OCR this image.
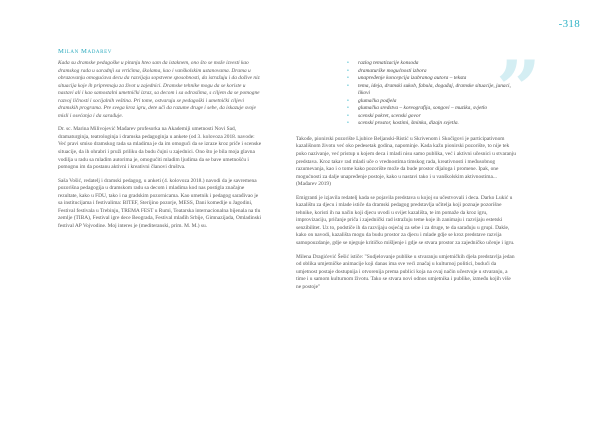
-318
Milan Madarev

Kada su dramske pedagoške u pitanju hteo sam da istaknem, ono što se može izvesti kao dramskog rada u saradnji sa vrtićima, školama, kao i vanškolskim ustanovama. Drama u obrazovanju omogućava decu da razvijaju sopstvene sposobnosti, da istražuju i da dožive niz situacija koje ih pripremaju za život u zajednici. Dramske tehnike mogu da se koriste u nastavi ali i kao samostalni umetnički izraz, sa decom i sa odraslima, s ciljem da se pomogne razvoj ličnosti i socijalnih veština. Pri tome, ostvaruju se pedagoški i umetnički ciljevi dramskih programa. Pre svega kroz igru, dete uči da razume druge i sebe, da iskazuje svoje misli i osećanja i da sarađuje.

Dr. sc. Marina Milivojević Mađarev profesorka na Akademiji umetnosti Novi Sad, dramaturginja, teatrologinja i dramska pedagoginja u ankete (od 3. kolovoza 2018. navode: Već pravi smiso dramskog rada sa mladima je da im omogući da se izraze kroz priče i scenske situacije, da ih ohrabri i pruži priliku da budu čujni u zajednici. Ono što je bila moja glavna vodilja u radu sa mladim autorima je, omogućiti mladim ljudima da se bave umetnošću i pomognu im da postanu aktivni i kreativni članovi društva.

Saša Vošić, redatelj i dramski pedagog, u anketi (4. kolovoza 2018.) navodi da je savremena pozorišna pedagogija u dramskom radu sa decom i mladima kod nas postigla značajne rezultate, kako u FDU, tako i na gradskim pozornicama. Kao umetnik i pedagog sarađivao je sa institucijama i festivalima: BITEF, Sterijino pozorje, MESS, Dani komedije u Jagodini, Festival festivala u Trebinju, TREMA FEST u Rumi, Teatarska internacionalna bijenala na tlu zemlje (TIBA), Festival igre dece Beograda, Festival mlađih Srbije, Gimnazijada, Omladinski festival AP Vojvodine. Moj interes je (mediteranski, prim. M. M.) su.

”
• razlog tematizacije konsoda
• dramaturške mogućnosti izbora
• unapređenje koncepcija izabranog autora – teksta
• tema, ideja, dramski sukob, fabula, događaj, dramske situacije, junaci, likovi
• glumačka podjela
• glumačka sredstva – koreografija, songovi – muzika, svjetlo
• scenski pokret, scenski govor
• scenski prostor, kostimi, šminka, dizajn svjetla.

Takođe, pionirski pozorište Ljubice Beljanski-Ristić u Skrivenom i Skočigovi je participativnom kazališnom životu već oko pedesetak godina, napominje. Kada kažu pionirski pozorište, to nije tek puko nazivanje, već pristup u kojem deca i mladi nisu samo publika, već i aktivni učesnici u stvaranju predstava. Kroz takav rad mladi uče o vrednostima timskog rada, kreativnosti i međusobnog razumevanja, kao i o tome kako pozorište može da bude prostor dijaloga i promene. Ipak, one mogućnosti za dalje unapređenje postoje, kako u nastavi tako i u vanškolskim aktivnostima... (Mađarev 2019)

Emigranti je izjavila redatelj kada se pojavila predstava u kojoj su učestvovali i deca. Darko Lukić u kazalištu za djecu i mlade ističe da dramski pedagog predstavlja učitelja koji poznaje pozorišne tehnike, koristi ih na način koji djecu uvodi u svijet kazališta, te im pomaže da kroz igru, improvizaciju, pričanje priča i zajednički rad istražuju teme koje ih zanimaju i razvijaju estetski senzibilitet. Uz to, podstiče ih da razvijaju osjećaj za sebe i za druge, te da sarađuju u grupi. Dakle, kako on navodi, kazališta mogu da budu prostor za djecu i mlade gdje se kroz predstave razvija samopouzdanje, gdje se njeguje kritičko mišljenje i gdje se stvara prostor za zajedničko učenje i igru.

Milena Dragićević Šešić ističe: "Sudjelovanje publike u stvaranju umjetničkih djela predstavlja jedan od oblika umjetničke animacije koji danas ima sve veći značaj u kulturnoj politici, budući da umjetnost postaje dostupnija i otvorenija prema publici koja na ovaj način učestvuje u stvaranju, a time i u samom kulturnom životu. Tako se stvara novi odnos umjetnika i publike, između kojih više ne postoje"
